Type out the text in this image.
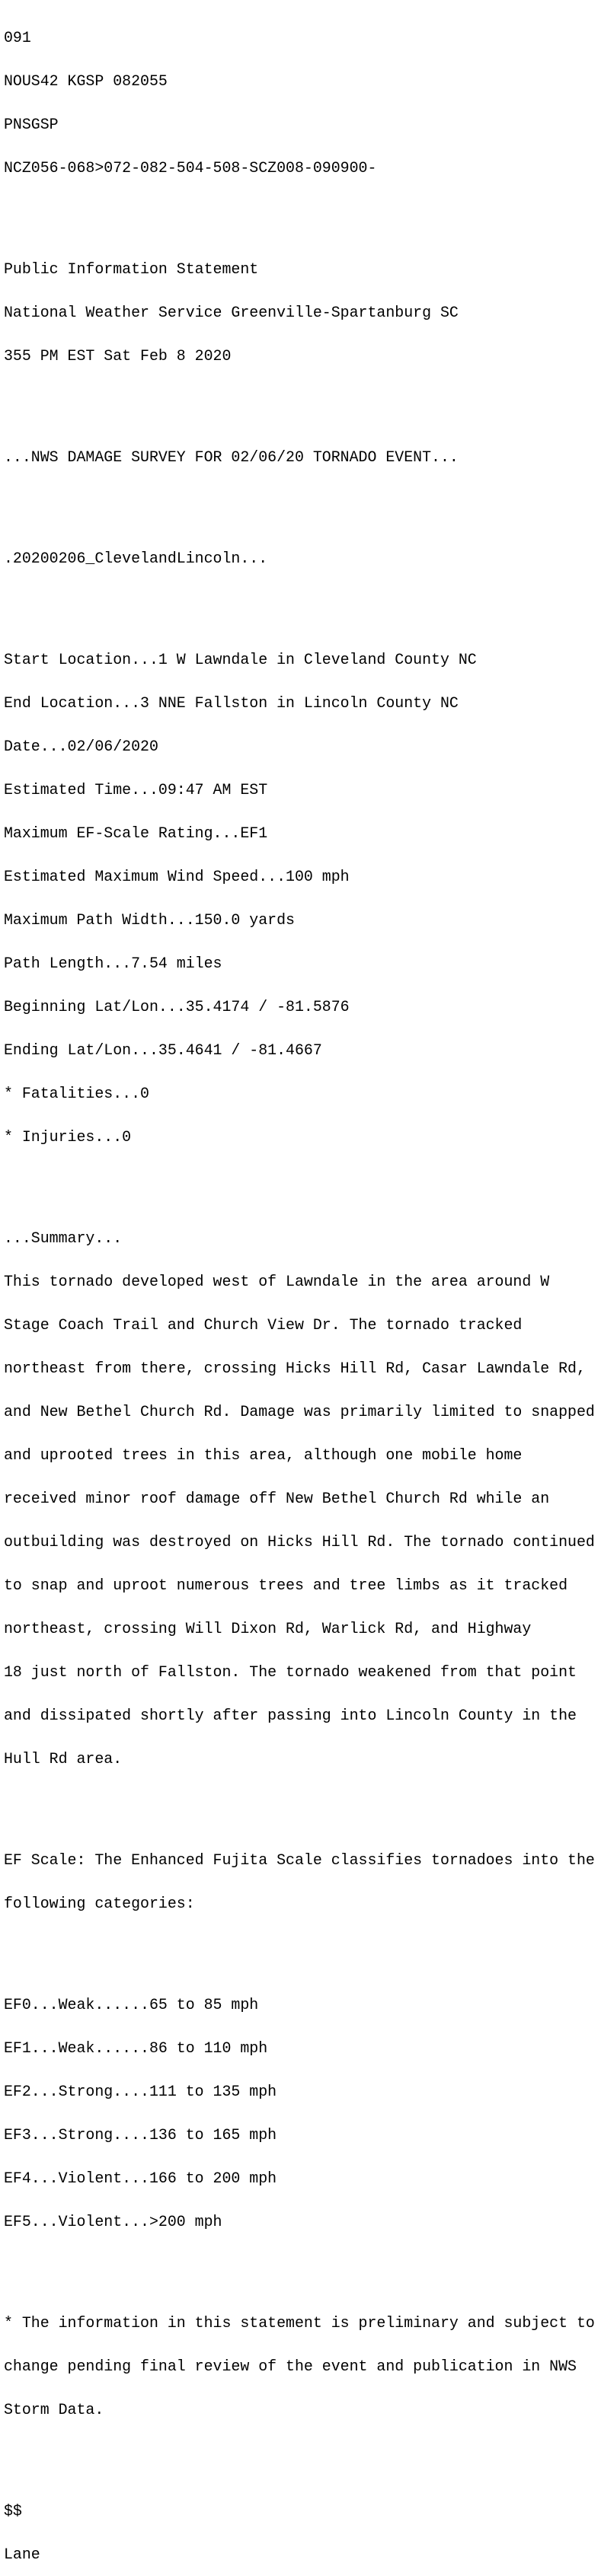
091

NOUS42 KGSP 082055

PNSGSP

NCZ056-068>072-082-504-508-SCZ008-090900-

Public Information Statement

National Weather Service Greenville-Spartanburg SC

355 PM EST Sat Feb 8 2020

...NWS DAMAGE SURVEY FOR 02/06/20 TORNADO EVENT...

.20200206_ClevelandLincoln...

Start Location...1 W Lawndale in Cleveland County NC

End Location...3 NNE Fallston in Lincoln County NC

Date...02/06/2020

Estimated Time...09:47 AM EST

Maximum EF-Scale Rating...EF1

Estimated Maximum Wind Speed...100 mph

Maximum Path Width...150.0 yards

Path Length...7.54 miles

Beginning Lat/Lon...35.4174 / -81.5876

Ending Lat/Lon...35.4641 / -81.4667

* Fatalities...0

* Injuries...0

...Summary...

This tornado developed west of Lawndale in the area around W

Stage Coach Trail and Church View Dr. The tornado tracked

northeast from there, crossing Hicks Hill Rd, Casar Lawndale Rd,

and New Bethel Church Rd. Damage was primarily limited to snapped

and uprooted trees in this area, although one mobile home

received minor roof damage off New Bethel Church Rd while an

outbuilding was destroyed on Hicks Hill Rd. The tornado continued

to snap and uproot numerous trees and tree limbs as it tracked

northeast, crossing Will Dixon Rd, Warlick Rd, and Highway

18 just north of Fallston. The tornado weakened from that point

and dissipated shortly after passing into Lincoln County in the

Hull Rd area.

EF Scale: The Enhanced Fujita Scale classifies tornadoes into the

following categories:

EF0...Weak......65 to 85 mph

EF1...Weak......86 to 110 mph

EF2...Strong....111 to 135 mph

EF3...Strong....136 to 165 mph

EF4...Violent...166 to 200 mph

EF5...Violent...>200 mph

* The information in this statement is preliminary and subject to

change pending final review of the event and publication in NWS

Storm Data.

$$

Lane
